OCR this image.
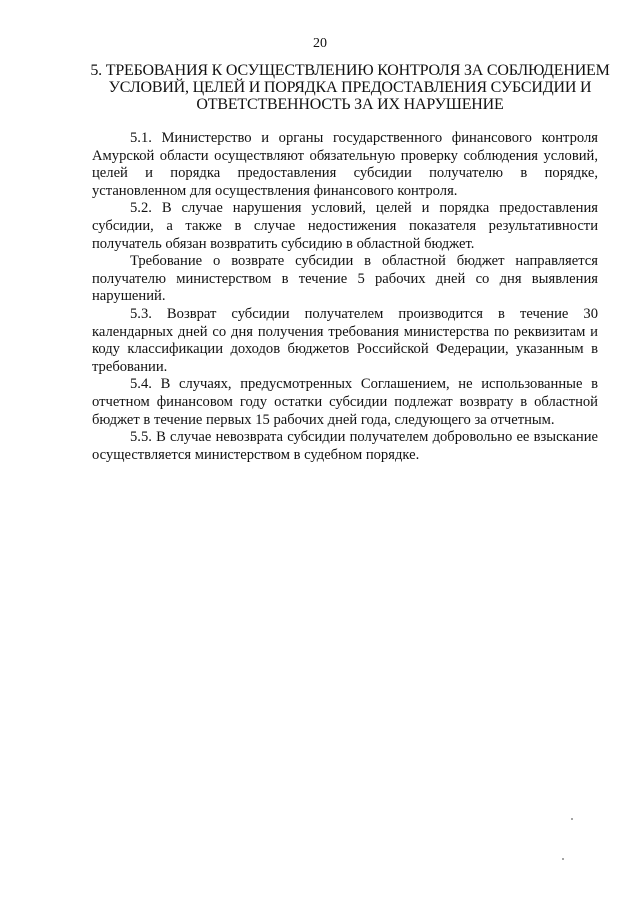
20
5. ТРЕБОВАНИЯ К ОСУЩЕСТВЛЕНИЮ КОНТРОЛЯ ЗА СОБЛЮДЕНИЕМ
УСЛОВИЙ, ЦЕЛЕЙ И ПОРЯДКА ПРЕДОСТАВЛЕНИЯ СУБСИДИИ И
ОТВЕТСТВЕННОСТЬ ЗА ИХ НАРУШЕНИЕ

5.1. Министерство и органы государственного финансового контроля Амурской области осуществляют обязательную проверку соблюдения условий, целей и порядка предоставления субсидии получателю в порядке, установленном для осуществления финансового контроля.

5.2. В случае нарушения условий, целей и порядка предоставления субсидии, а также в случае недостижения показателя результативности получатель обязан возвратить субсидию в областной бюджет.

Требование о возврате субсидии в областной бюджет направляется получателю министерством в течение 5 рабочих дней со дня выявления нарушений.

5.3. Возврат субсидии получателем производится в течение 30 календарных дней со дня получения требования министерства по реквизитам и коду классификации доходов бюджетов Российской Федерации, указанным в требовании.

5.4. В случаях, предусмотренных Соглашением, не использованные в отчетном финансовом году остатки субсидии подлежат возврату в областной бюджет в течение первых 15 рабочих дней года, следующего за отчетным.

5.5. В случае невозврата субсидии получателем добровольно ее взыскание осуществляется министерством в судебном порядке.
